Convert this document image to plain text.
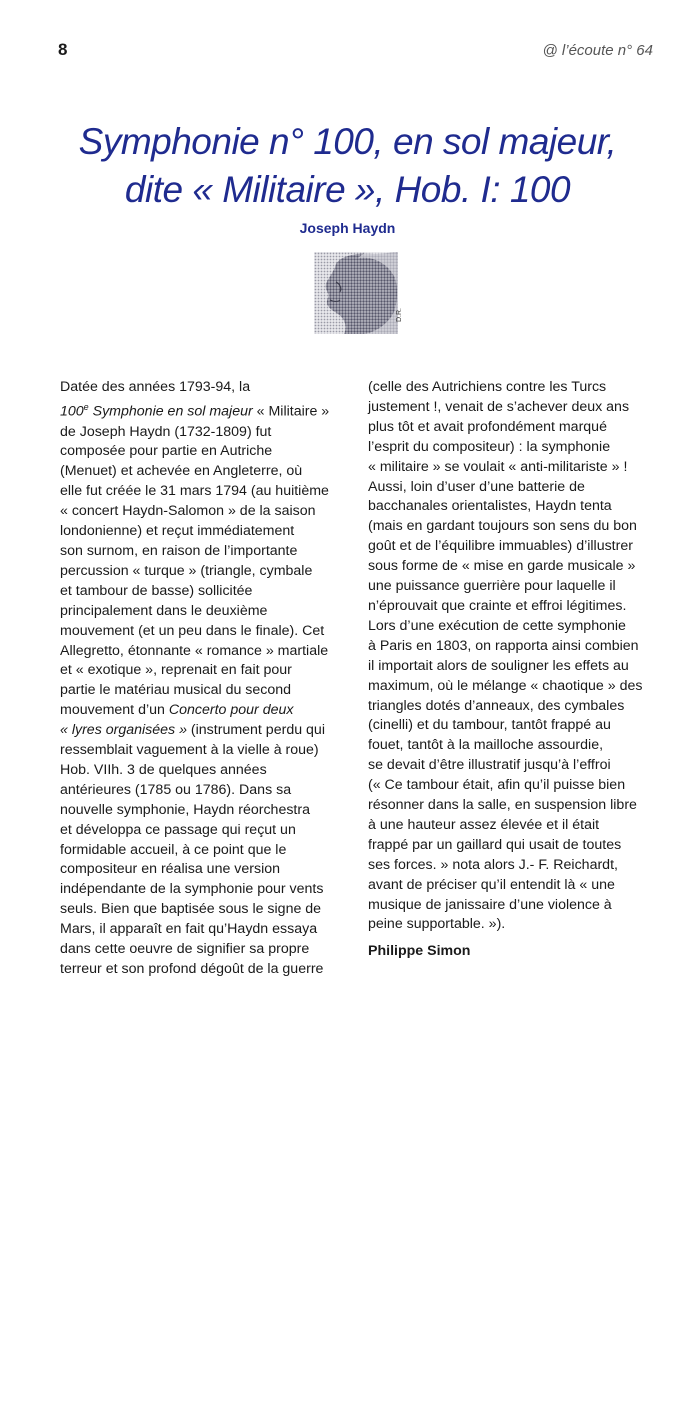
8	@ l’écoute n° 64
Symphonie n° 100, en sol majeur,
dite « Militaire », Hob. I: 100
Joseph Haydn
D.R.
Datée des années 1793-94, la
100e Symphonie en sol majeur « Militaire »
de Joseph Haydn (1732-1809) fut
composée pour partie en Autriche
(Menuet) et achevée en Angleterre, où
elle fut créée le 31 mars 1794 (au huitième
« concert Haydn-Salomon » de la saison
londonienne) et reçut immédiatement
son surnom, en raison de l’importante
percussion « turque » (triangle, cymbale
et tambour de basse) sollicitée
principalement dans le deuxième
mouvement (et un peu dans le finale). Cet
Allegretto, étonnante « romance » martiale
et « exotique », reprenait en fait pour
partie le matériau musical du second
mouvement d’un Concerto pour deux
« lyres organisées » (instrument perdu qui
ressemblait vaguement à la vielle à roue)
Hob. VIIh. 3 de quelques années
antérieures (1785 ou 1786). Dans sa
nouvelle symphonie, Haydn réorchestra
et développa ce passage qui reçut un
formidable accueil, à ce point que le
compositeur en réalisa une version
indépendante de la symphonie pour vents
seuls. Bien que baptisée sous le signe de
Mars, il apparaît en fait qu’Haydn essaya
dans cette oeuvre de signifier sa propre
terreur et son profond dégoût de la guerre
(celle des Autrichiens contre les Turcs
justement !, venait de s’achever deux ans
plus tôt et avait profondément marqué
l’esprit du compositeur) : la symphonie
« militaire » se voulait « anti-militariste » !
Aussi, loin d’user d’une batterie de
bacchanales orientalistes, Haydn tenta
(mais en gardant toujours son sens du bon
goût et de l’équilibre immuables) d’illustrer
sous forme de « mise en garde musicale »
une puissance guerrière pour laquelle il
n’éprouvait que crainte et effroi légitimes.
Lors d’une exécution de cette symphonie
à Paris en 1803, on rapporta ainsi combien
il importait alors de souligner les effets au
maximum, où le mélange « chaotique » des
triangles dotés d’anneaux, des cymbales
(cinelli) et du tambour, tantôt frappé au
fouet, tantôt à la mailloche assourdie,
se devait d’être illustratif jusqu’à l’effroi
(« Ce tambour était, afin qu’il puisse bien
résonner dans la salle, en suspension libre
à une hauteur assez élevée et il était
frappé par un gaillard qui usait de toutes
ses forces. » nota alors J.- F. Reichardt,
avant de préciser qu’il entendit là « une
musique de janissaire d’une violence à
peine supportable. »).
Philippe Simon
